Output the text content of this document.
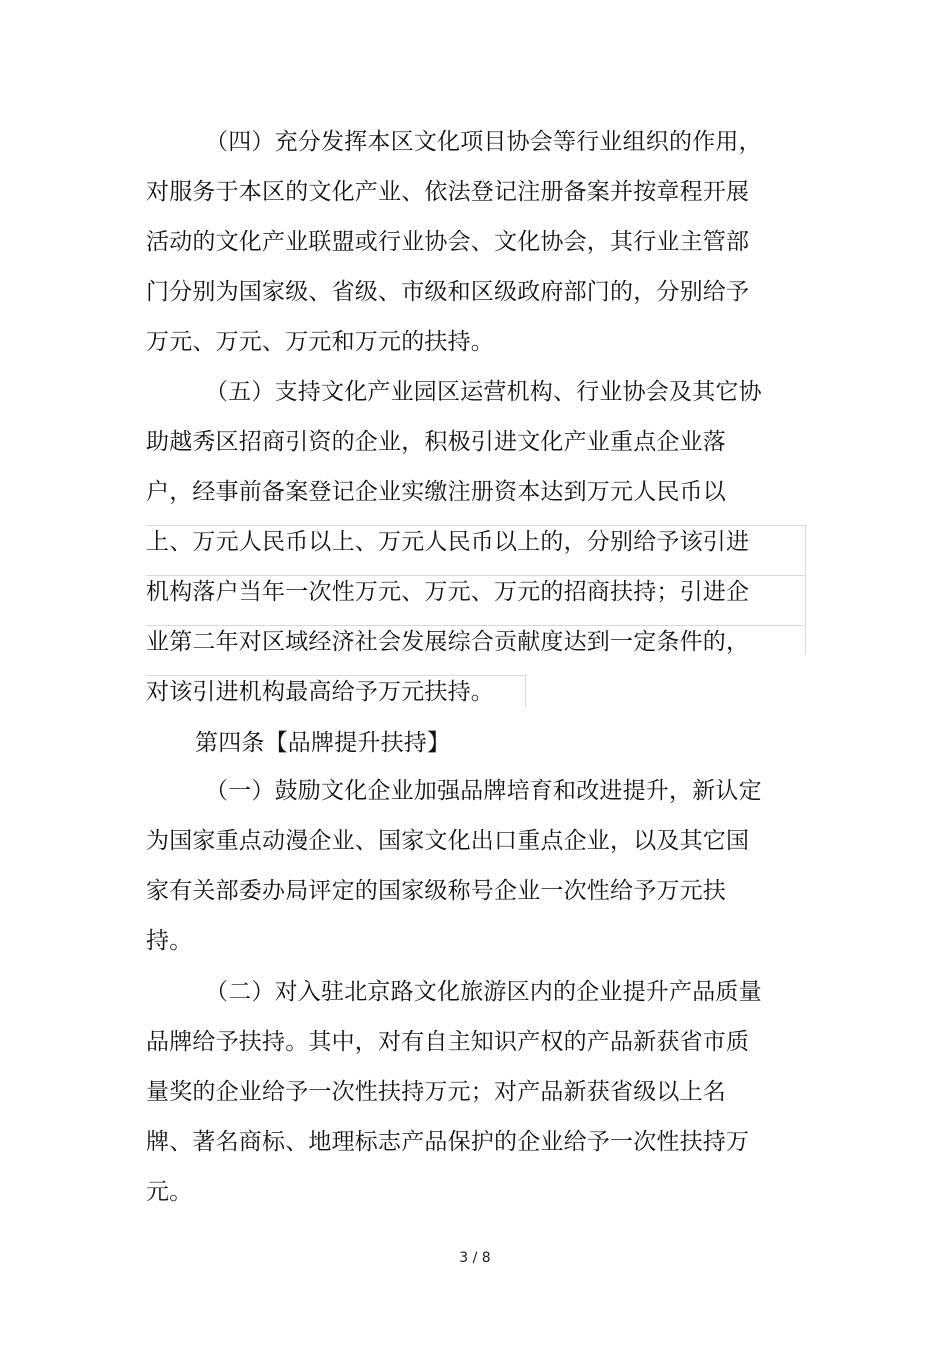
（四）充分发挥本区文化项目协会等行业组织的作用，
对服务于本区的文化产业、依法登记注册备案并按章程开展
活动的文化产业联盟或行业协会、文化协会，其行业主管部
门分别为国家级、省级、市级和区级政府部门的，分别给予
万元、万元、万元和万元的扶持。
（五）支持文化产业园区运营机构、行业协会及其它协
助越秀区招商引资的企业，积极引进文化产业重点企业落
户，经事前备案登记企业实缴注册资本达到万元人民币以
上、万元人民币以上、万元人民币以上的，分别给予该引进
机构落户当年一次性万元、万元、万元的招商扶持；引进企
业第二年对区域经济社会发展综合贡献度达到一定条件的，
对该引进机构最高给予万元扶持。
第四条【品牌提升扶持】
（一）鼓励文化企业加强品牌培育和改进提升，新认定
为国家重点动漫企业、国家文化出口重点企业，以及其它国
家有关部委办局评定的国家级称号企业一次性给予万元扶
持。
（二）对入驻北京路文化旅游区内的企业提升产品质量
品牌给予扶持。其中，对有自主知识产权的产品新获省市质
量奖的企业给予一次性扶持万元；对产品新获省级以上名
牌、著名商标、地理标志产品保护的企业给予一次性扶持万
元。
3 / 8
